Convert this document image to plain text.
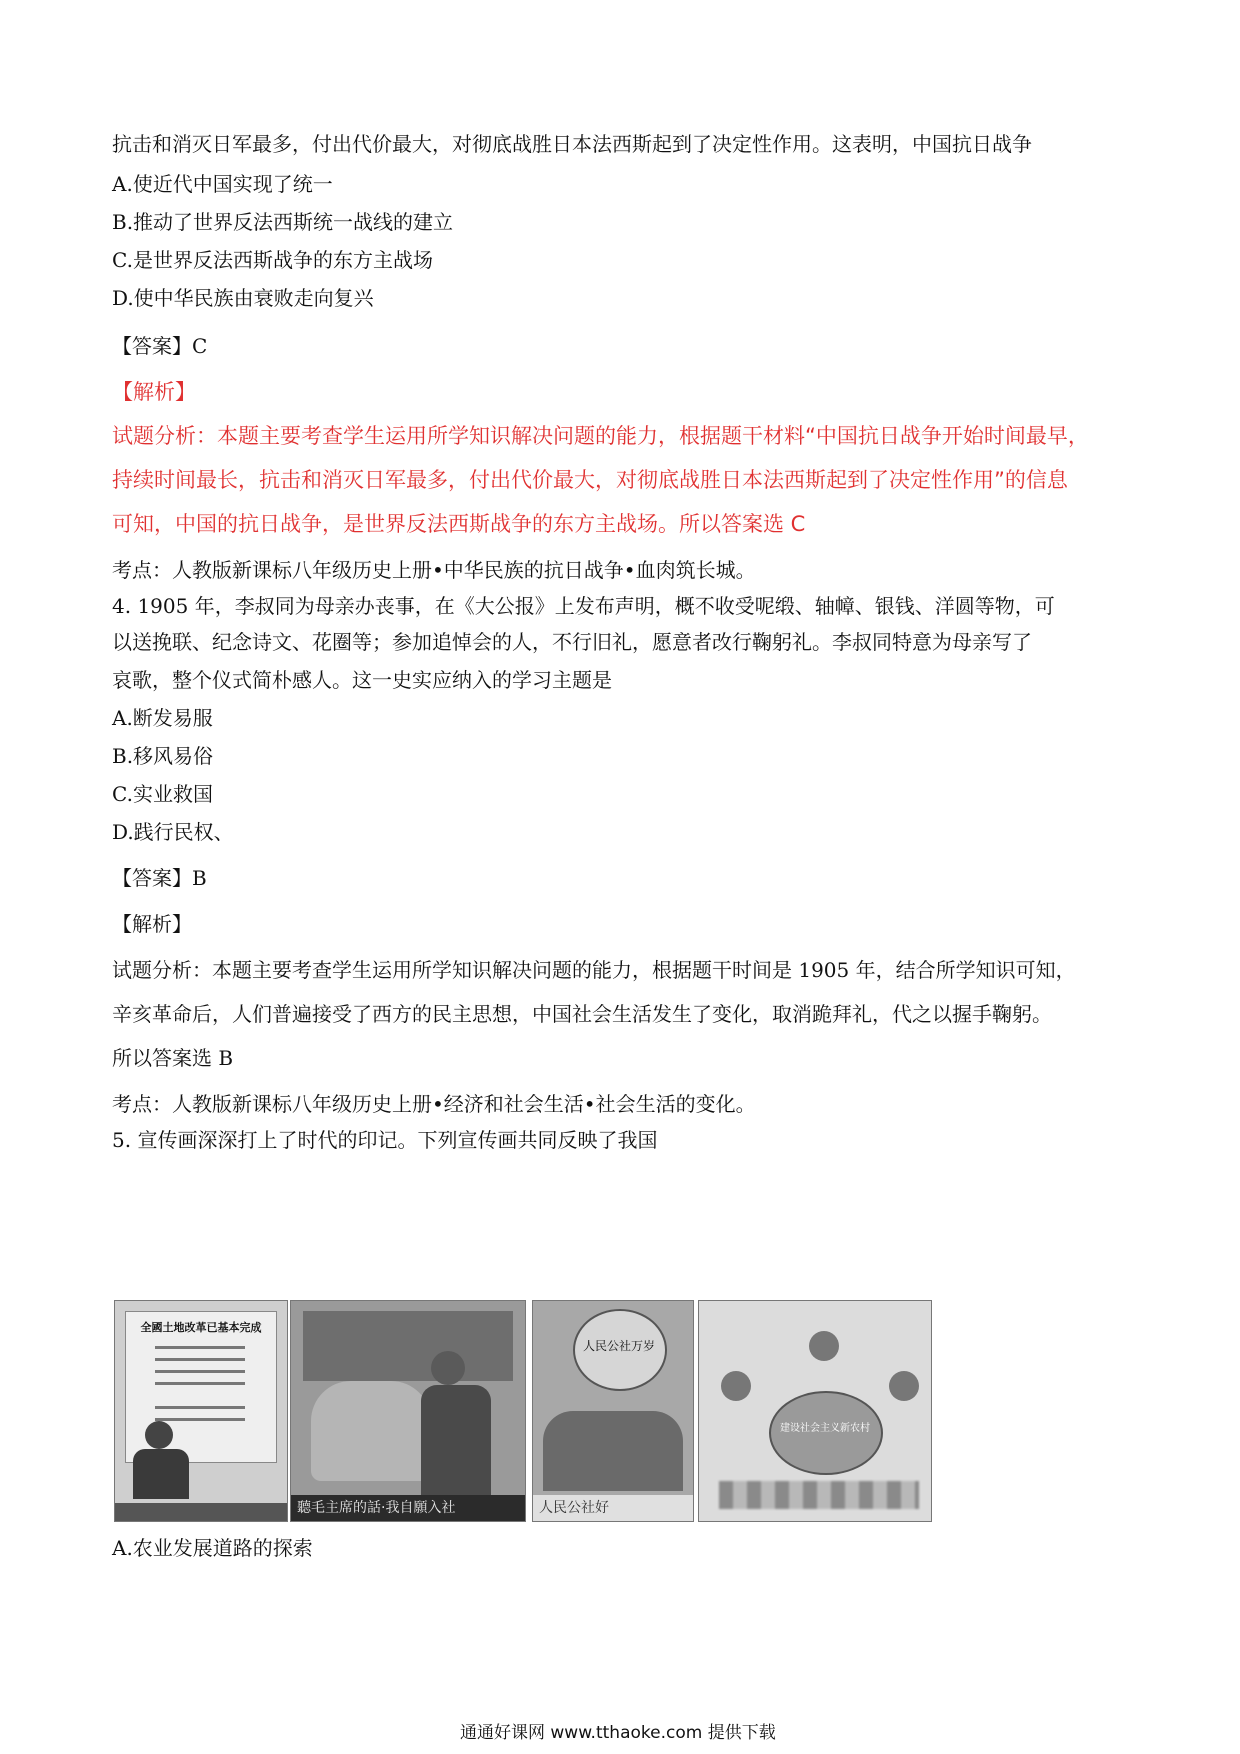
抗击和消灭日军最多，付出代价最大，对彻底战胜日本法西斯起到了决定性作用。这表明，中国抗日战争
A.使近代中国实现了统一
B.推动了世界反法西斯统一战线的建立
C.是世界反法西斯战争的东方主战场
D.使中华民族由衰败走向复兴
【答案】C
【解析】
试题分析：本题主要考查学生运用所学知识解决问题的能力，根据题干材料“中国抗日战争开始时间最早，
持续时间最长，抗击和消灭日军最多，付出代价最大，对彻底战胜日本法西斯起到了决定性作用”的信息
可知，中国的抗日战争，是世界反法西斯战争的东方主战场。所以答案选 C
考点：人教版新课标八年级历史上册•中华民族的抗日战争•血肉筑长城。
4. 1905 年，李叔同为母亲办丧事，在《大公报》上发布声明，概不收受呢缎、轴幛、银钱、洋圆等物，可
以送挽联、纪念诗文、花圈等；参加追悼会的人，不行旧礼，愿意者改行鞠躬礼。李叔同特意为母亲写了
哀歌，整个仪式简朴感人。这一史实应纳入的学习主题是
A.断发易服
B.移风易俗
C.实业救国
D.践行民权、
【答案】B
【解析】
试题分析：本题主要考查学生运用所学知识解决问题的能力，根据题干时间是 1905 年，结合所学知识可知，
辛亥革命后，人们普遍接受了西方的民主思想，中国社会生活发生了变化，取消跪拜礼，代之以握手鞠躬。
所以答案选 B
考点：人教版新课标八年级历史上册•经济和社会生活•社会生活的变化。
5. 宣传画深深打上了时代的印记。下列宣传画共同反映了我国
全國土地改革已基本完成
聽毛主席的話·我自願入社
人民公社万岁
人民公社好
建设社会主义新农村
A.农业发展道路的探索
通通好课网 www.tthaoke.com 提供下载
